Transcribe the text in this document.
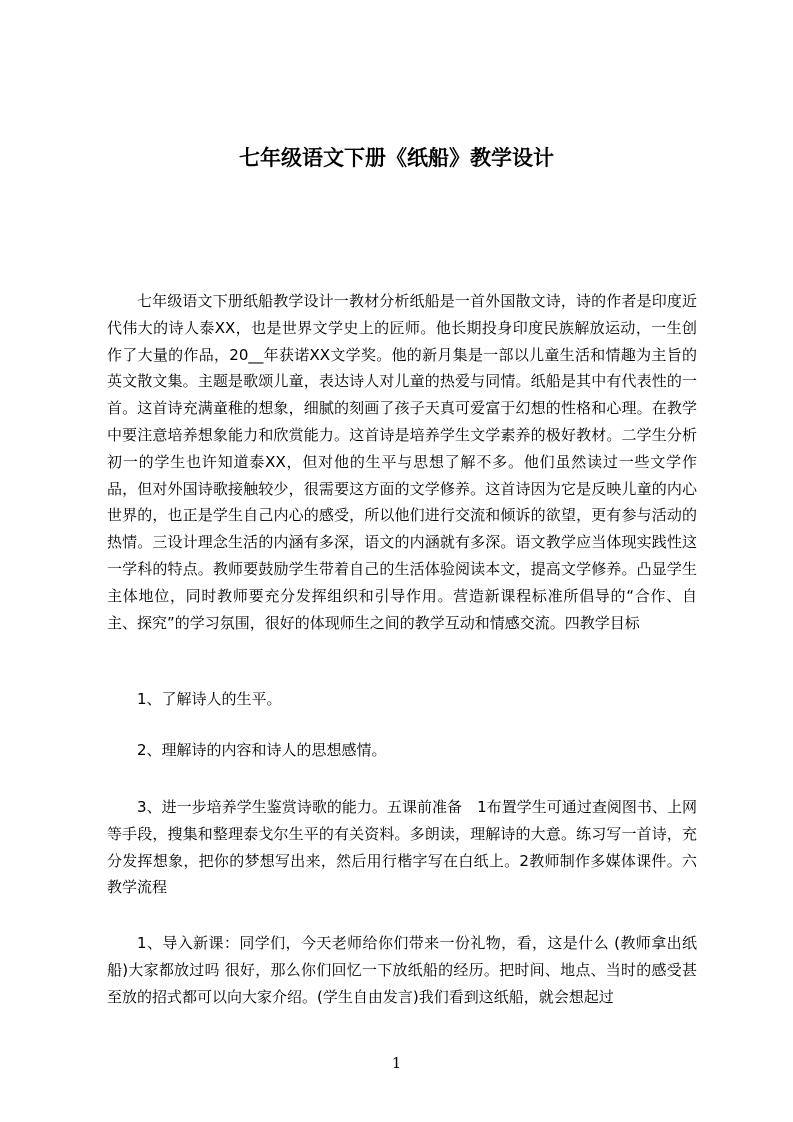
七年级语文下册《纸船》教学设计

七年级语文下册纸船教学设计一教材分析纸船是一首外国散文诗，诗的作者是印度近代伟大的诗人泰XX，也是世界文学史上的匠师。他长期投身印度民族解放运动，一生创作了大量的作品，20__年获诺XX文学奖。他的新月集是一部以儿童生活和情趣为主旨的英文散文集。主题是歌颂儿童，表达诗人对儿童的热爱与同情。纸船是其中有代表性的一首。这首诗充满童稚的想象，细腻的刻画了孩子天真可爱富于幻想的性格和心理。在教学中要注意培养想象能力和欣赏能力。这首诗是培养学生文学素养的极好教材。二学生分析初一的学生也许知道泰XX，但对他的生平与思想了解不多。他们虽然读过一些文学作品，但对外国诗歌接触较少，很需要这方面的文学修养。这首诗因为它是反映儿童的内心世界的，也正是学生自己内心的感受，所以他们进行交流和倾诉的欲望，更有参与活动的热情。三设计理念生活的内涵有多深，语文的内涵就有多深。语文教学应当体现实践性这一学科的特点。教师要鼓励学生带着自己的生活体验阅读本文，提高文学修养。凸显学生主体地位，同时教师要充分发挥组织和引导作用。营造新课程标准所倡导的“合作、自主、探究”的学习氛围，很好的体现师生之间的教学互动和情感交流。四教学目标

1、了解诗人的生平。

2、理解诗的内容和诗人的思想感情。

3、进一步培养学生鉴赏诗歌的能力。五课前准备　1布置学生可通过查阅图书、上网等手段，搜集和整理泰戈尔生平的有关资料。多朗读，理解诗的大意。练习写一首诗，充分发挥想象，把你的梦想写出来，然后用行楷字写在白纸上。2教师制作多媒体课件。六教学流程

1、导入新课：同学们，今天老师给你们带来一份礼物，看，这是什么 (教师拿出纸船)大家都放过吗 很好，那么你们回忆一下放纸船的经历。把时间、地点、当时的感受甚至放的招式都可以向大家介绍。(学生自由发言)我们看到这纸船，就会想起过

1
